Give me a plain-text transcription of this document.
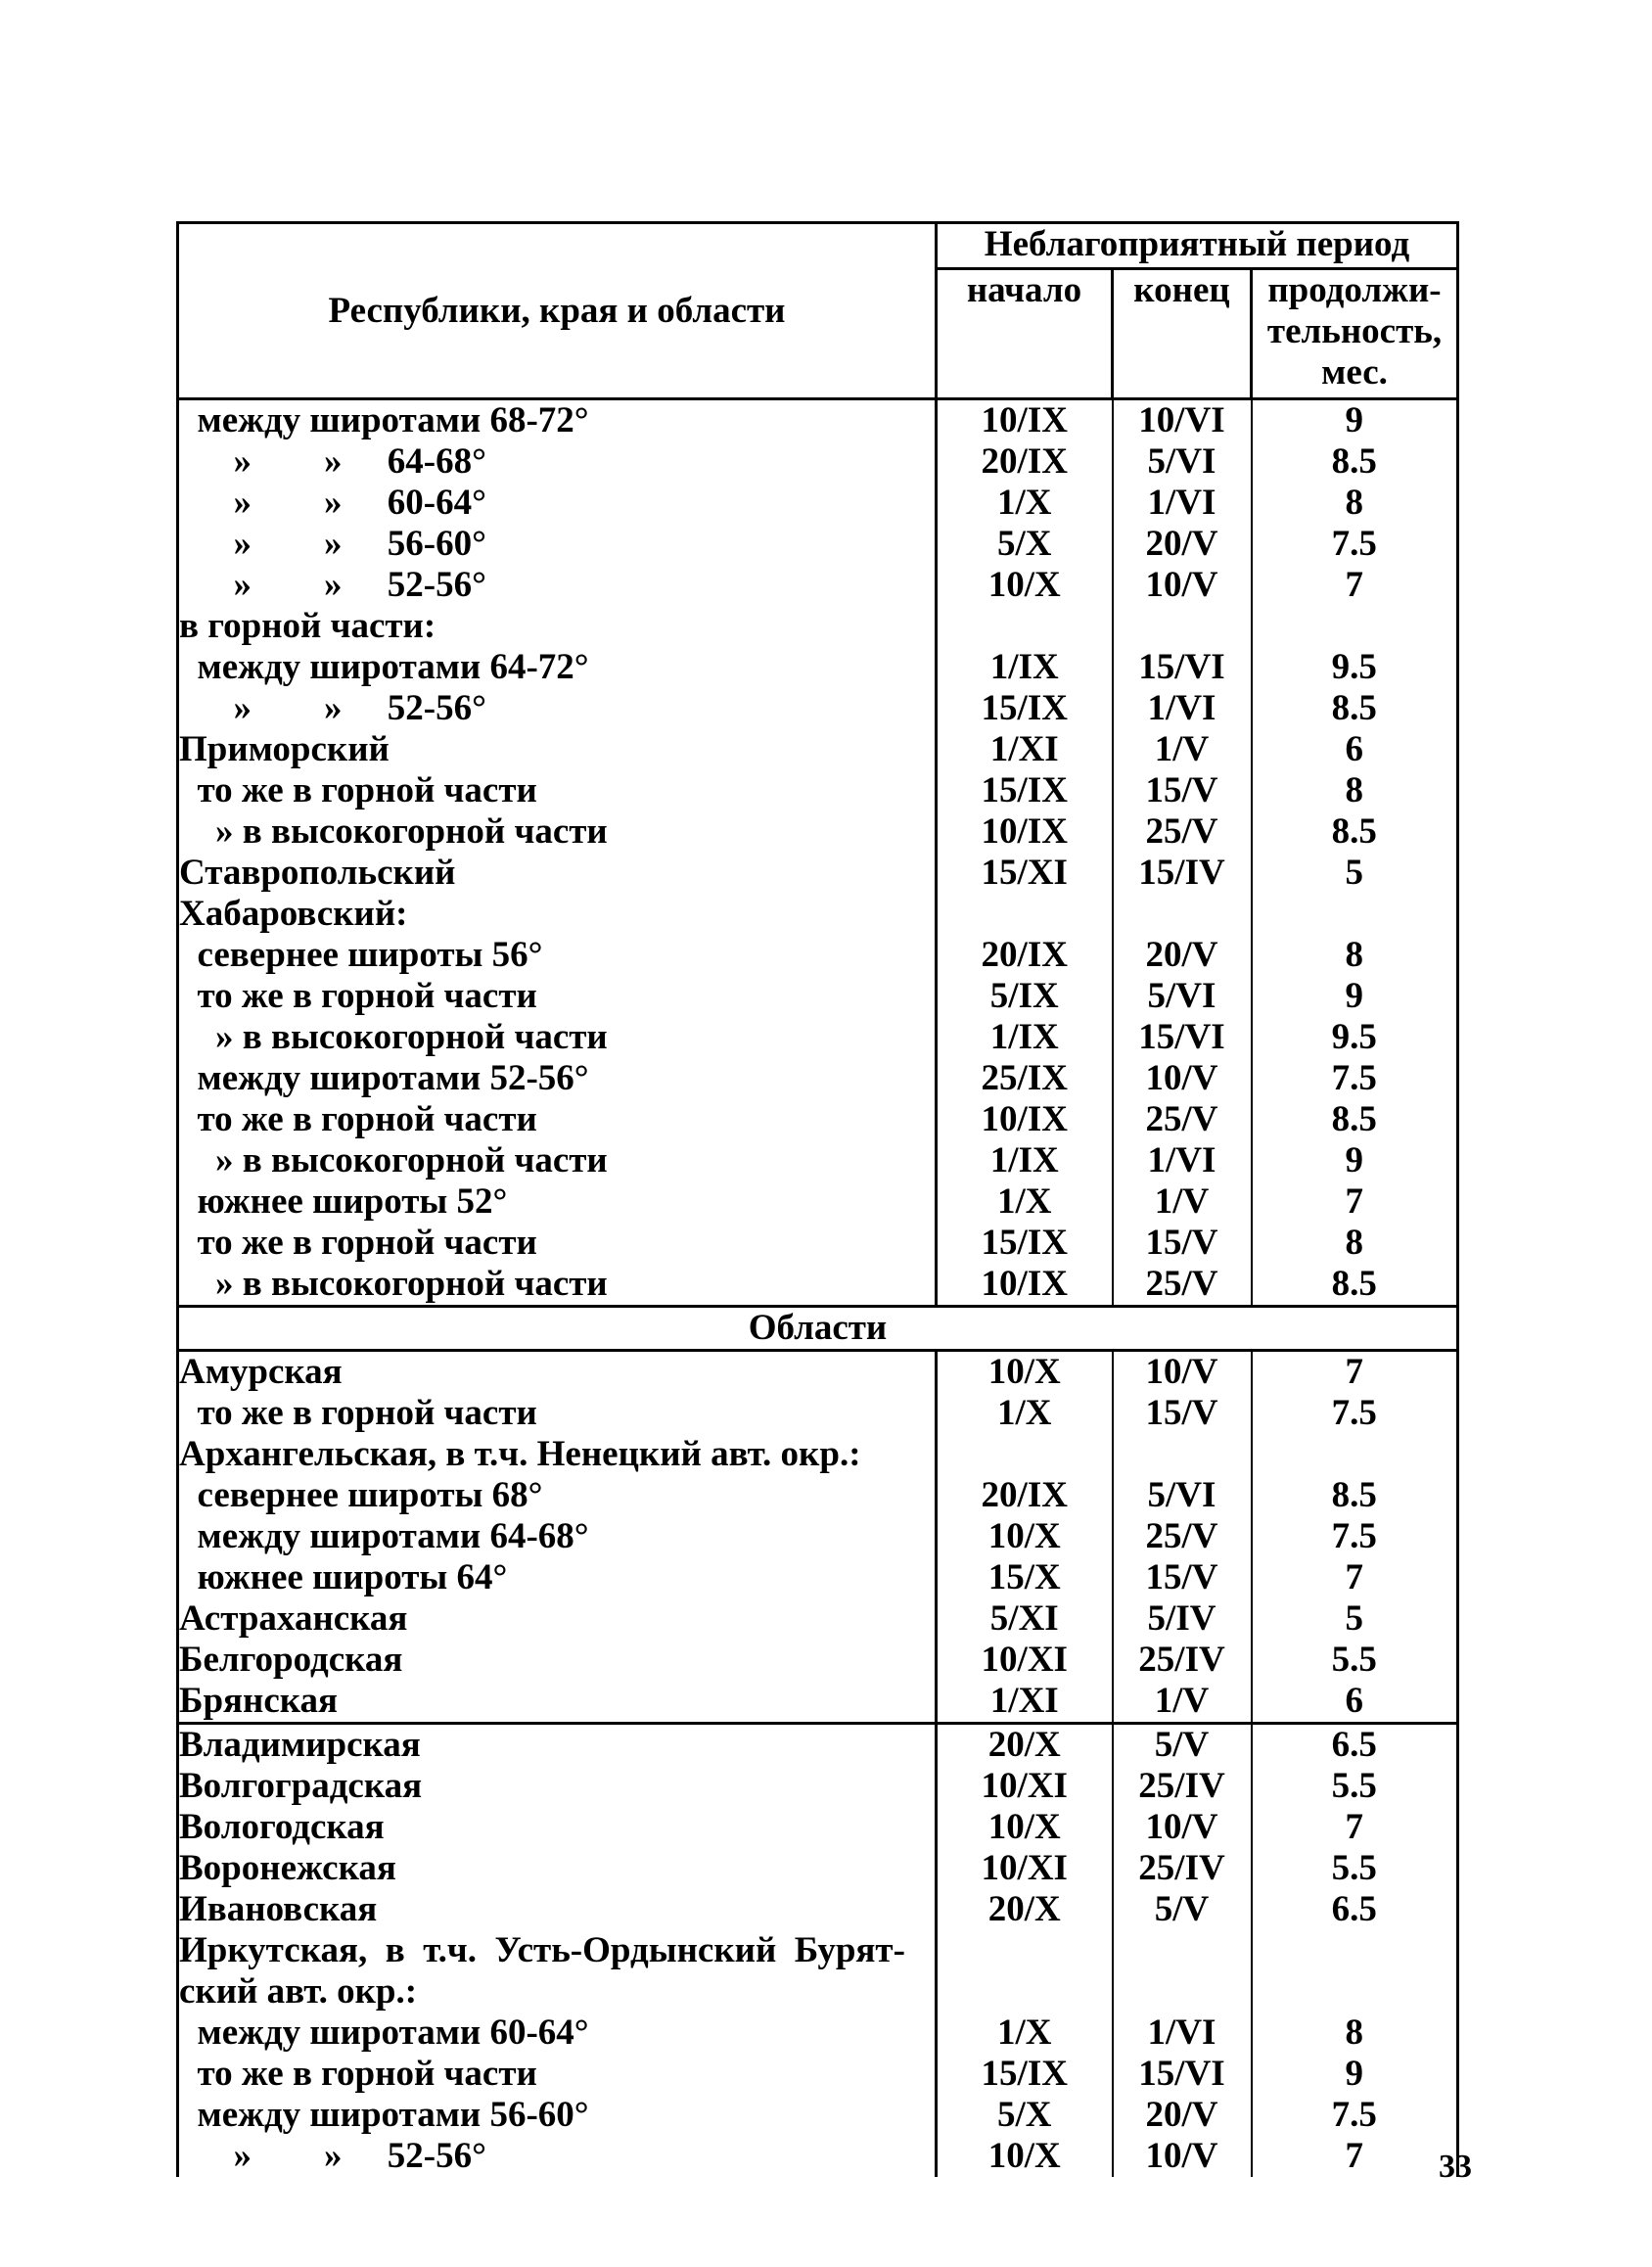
Республики, края и области	Неблагоприятный период		
	начало	конец	продолжи-
тельность,
мес.
между широтами 68-72°	10/IX	10/VI	9
»        »     64-68°	20/IX	5/VI	8.5
»        »     60-64°	1/X	1/VI	8
»        »     56-60°	5/X	20/V	7.5
»        »     52-56°	10/X	10/V	7
в горной части:			
между широтами 64-72°	1/IX	15/VI	9.5
»        »     52-56°	15/IX	1/VI	8.5
Приморский	1/XI	1/V	6
то же в горной части	15/IX	15/V	8
» в высокогорной части	10/IX	25/V	8.5
Ставропольский	15/XI	15/IV	5
Хабаровский:			
севернее широты 56°	20/IX	20/V	8
то же в горной части	5/IX	5/VI	9
» в высокогорной части	1/IX	15/VI	9.5
между широтами 52-56°	25/IX	10/V	7.5
то же в горной части	10/IX	25/V	8.5
» в высокогорной части	1/IX	1/VI	9
южнее широты 52°	1/X	1/V	7
то же в горной части	15/IX	15/V	8
» в высокогорной части	10/IX	25/V	8.5
Области			
Амурская	10/X	10/V	7
то же в горной части	1/X	15/V	7.5
Архангельская, в т.ч. Ненецкий авт. окр.:			
севернее широты 68°	20/IX	5/VI	8.5
между широтами 64-68°	10/X	25/V	7.5
южнее широты 64°	15/X	15/V	7
Астраханская	5/XI	5/IV	5
Белгородская	10/XI	25/IV	5.5
Брянская	1/XI	1/V	6
Владимирская	20/X	5/V	6.5
Волгоградская	10/XI	25/IV	5.5
Вологодская	10/X	10/V	7
Воронежская	10/XI	25/IV	5.5
Ивановская	20/X	5/V	6.5
Иркутская,  в  т.ч.  Усть-Ордынский  Бурят-			
ский авт. окр.:			
между широтами 60-64°	1/X	1/VI	8
то же в горной части	15/IX	15/VI	9
между широтами 56-60°	5/X	20/V	7.5
»        »     52-56°	10/X	10/V	7 33
